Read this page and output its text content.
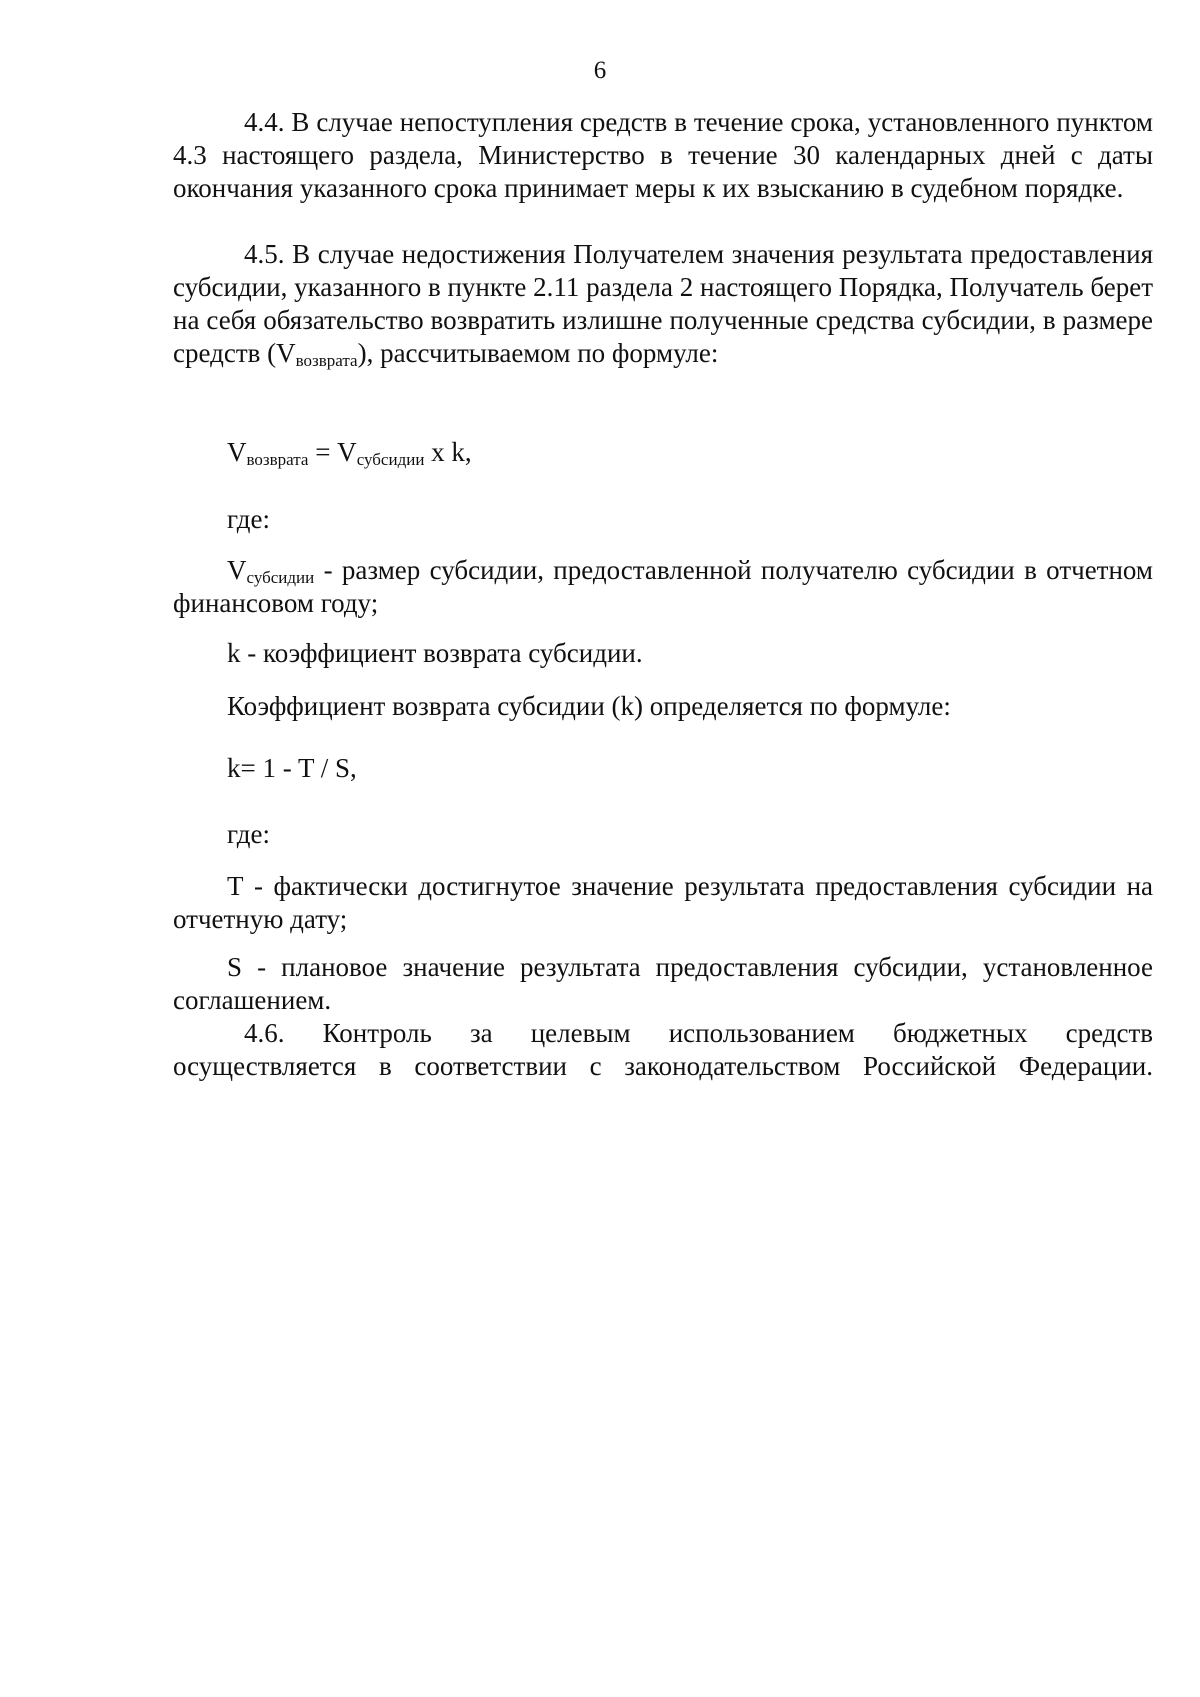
6

4.4. В случае непоступления средств в течение срока, установленного пунктом 4.3 настоящего раздела, Министерство в течение 30 календарных дней с даты окончания указанного срока принимает меры к их взысканию в судебном порядке.

4.5. В случае недостижения Получателем значения результата предоставления субсидии, указанного в пункте 2.11 раздела 2 настоящего Порядка, Получатель берет на себя обязательство возвратить излишне полученные средства субсидии, в размере средств $(V_{возврата})$, рассчитываемом по формуле:

$V_{возврата} = V_{субсидии}$ x k,
где:

$V_{субсидии}$ - размер субсидии, предоставленной получателю субсидии в отчетном финансовом году;

k - коэффициент возврата субсидии.
Коэффициент возврата субсидии (k) определяется по формуле:
k= 1 - T / S,
где:

Т - фактически достигнутое значение результата предоставления субсидии на отчетную дату;

S - плановое значение результата предоставления субсидии, установленное соглашением.

4.6. Контроль за целевым использованием бюджетных средств осуществляется в соответствии с законодательством Российской Федерации.
